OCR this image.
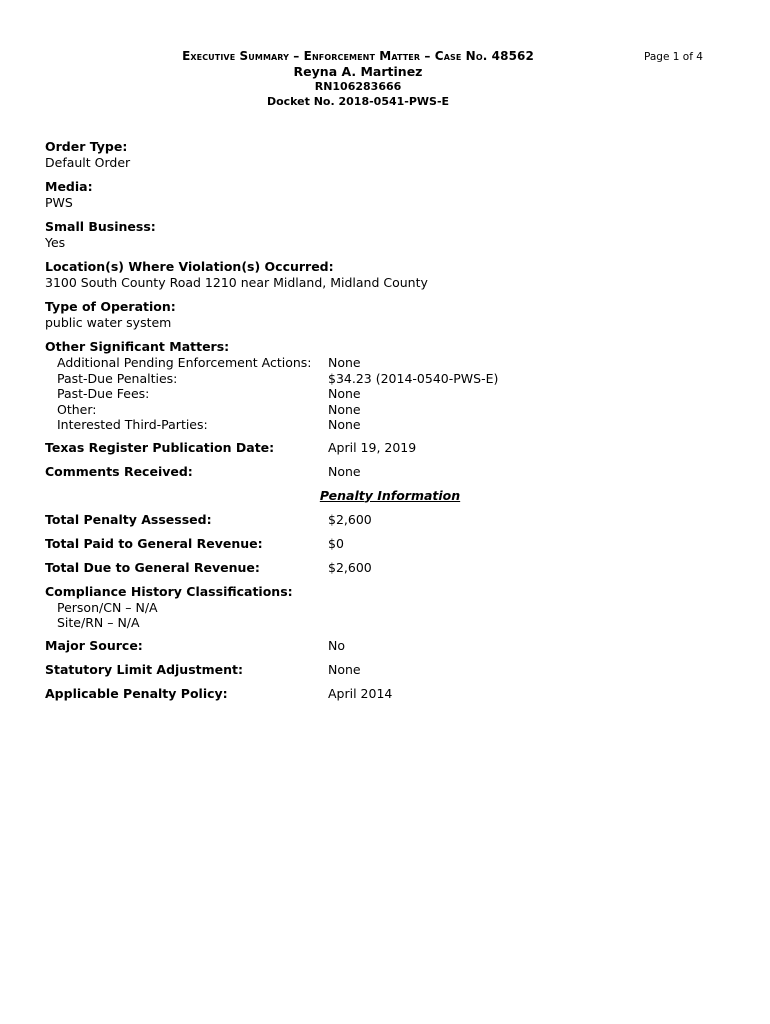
Executive Summary – Enforcement Matter – Case No. 48562
Reyna A. Martinez
RN106283666
Docket No. 2018-0541-PWS-E
Page 1 of 4
Order Type:
Default Order
Media:
PWS
Small Business:
Yes
Location(s) Where Violation(s) Occurred:
3100 South County Road 1210 near Midland, Midland County
Type of Operation:
public water system
Other Significant Matters:
Additional Pending Enforcement Actions:	None
Past-Due Penalties:	$34.23 (2014-0540-PWS-E)
Past-Due Fees:	None
Other:	None
Interested Third-Parties:	None
Texas Register Publication Date:	April 19, 2019
Comments Received:	None
Penalty Information
Total Penalty Assessed:	$2,600
Total Paid to General Revenue:	$0
Total Due to General Revenue:	$2,600
Compliance History Classifications:
Person/CN – N/A
Site/RN – N/A
Major Source:	No
Statutory Limit Adjustment:	None
Applicable Penalty Policy:	April 2014
